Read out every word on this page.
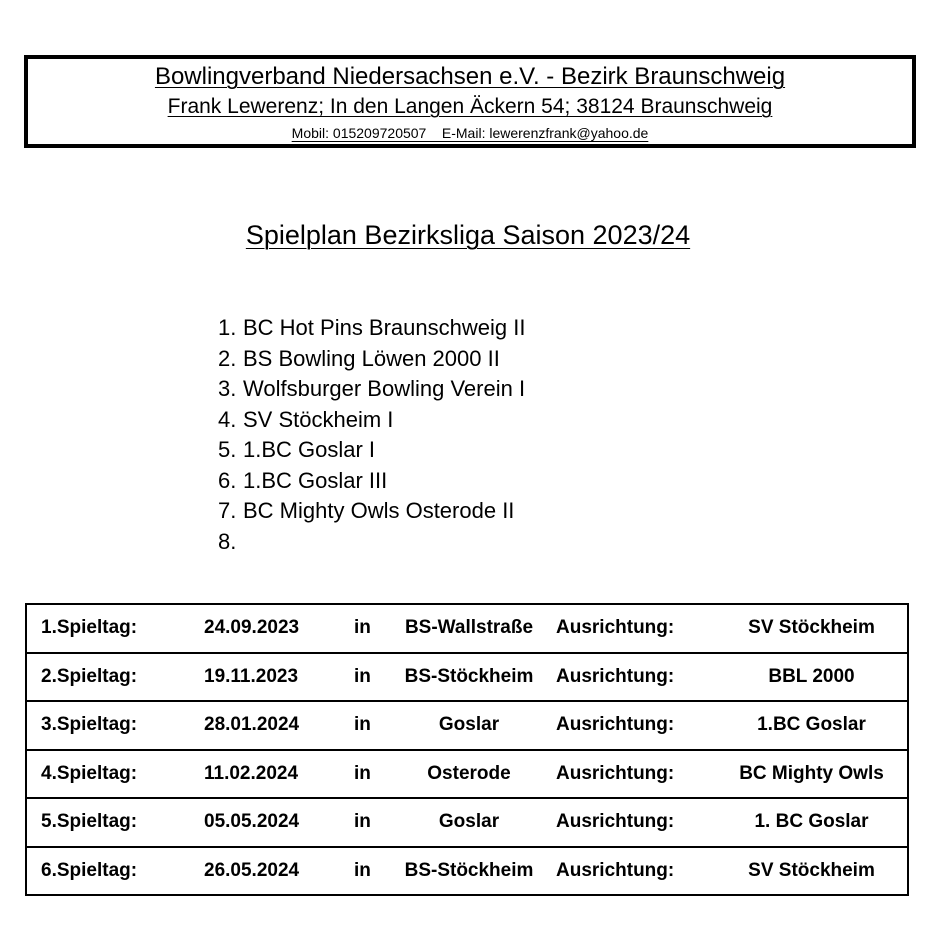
Bowlingverband Niedersachsen e.V. - Bezirk Braunschweig
Frank Lewerenz; In den Langen Äckern 54; 38124 Braunschweig
Mobil: 015209720507    E-Mail: lewerenzfrank@yahoo.de
Spielplan Bezirksliga Saison 2023/24
1. BC Hot Pins Braunschweig II
2. BS Bowling Löwen 2000 II
3. Wolfsburger Bowling Verein I
4. SV Stöckheim I
5. 1.BC Goslar I
6. 1.BC Goslar III
7. BC Mighty Owls Osterode II
8.
1.Spieltag:	24.09.2023	in	BS-Wallstraße	Ausrichtung:	SV Stöckheim
2.Spieltag:	19.11.2023	in	BS-Stöckheim	Ausrichtung:	BBL 2000
3.Spieltag:	28.01.2024	in	Goslar	Ausrichtung:	1.BC Goslar
4.Spieltag:	11.02.2024	in	Osterode	Ausrichtung:	BC Mighty Owls
5.Spieltag:	05.05.2024	in	Goslar	Ausrichtung:	1. BC Goslar
6.Spieltag:	26.05.2024	in	BS-Stöckheim	Ausrichtung:	SV Stöckheim
